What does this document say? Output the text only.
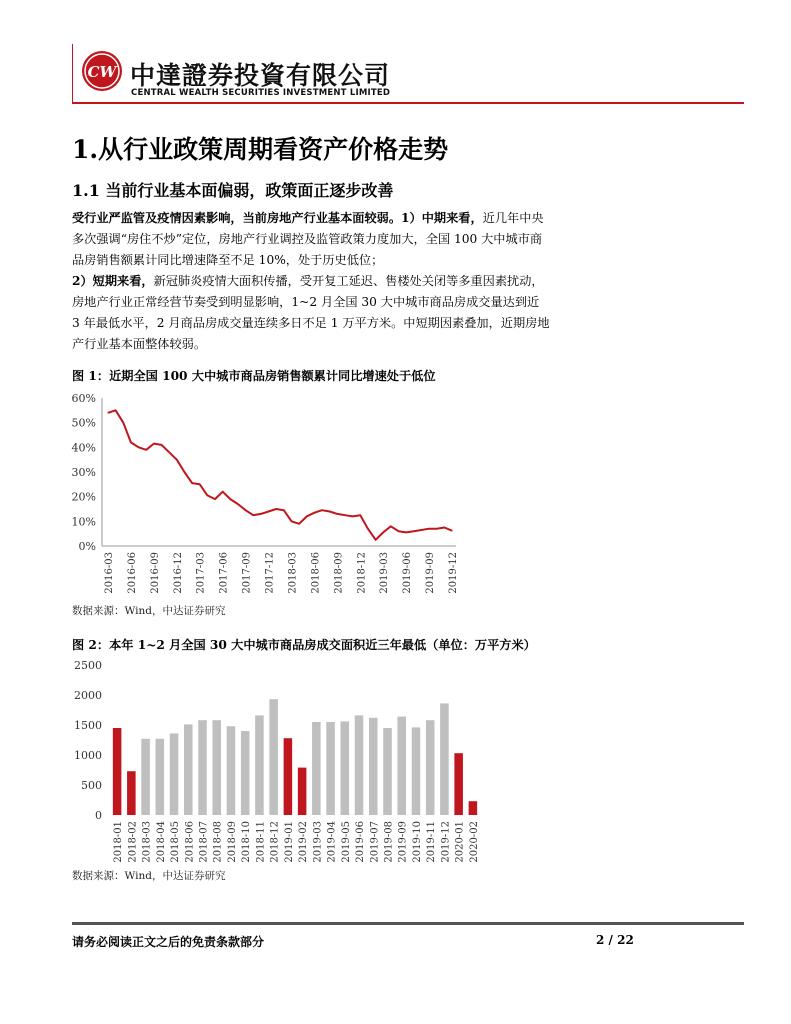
CW 中達證券投資有限公司
CENTRAL WEALTH SECURITIES INVESTMENT LIMITED
1.从行业政策周期看资产价格走势
1.1 当前行业基本面偏弱，政策面正逐步改善
受行业严监管及疫情因素影响，当前房地产行业基本面较弱。1）中期来看，近几年中央多次强调“房住不炒”定位，房地产行业调控及监管政策力度加大，全国 100 大中城市商品房销售额累计同比增速降至不足 10%，处于历史低位；
2）短期来看，新冠肺炎疫情大面积传播，受开复工延迟、售楼处关闭等多重因素扰动，房地产行业正常经营节奏受到明显影响，1~2 月全国 30 大中城市商品房成交量达到近 3 年最低水平，2 月商品房成交量连续多日不足 1 万平方米。中短期因素叠加，近期房地产行业基本面整体较弱。
图 1：近期全国 100 大中城市商品房销售额累计同比增速处于低位
0%
10%
20%
30%
40%
50%
60%
2016-03 2016-06 2016-09 2016-12 2017-03 2017-06 2017-09 2017-12 2018-03 2018-06 2018-09 2018-12 2019-03 2019-06 2019-09 2019-12
数据来源：Wind，中达证券研究
图 2：本年 1~2 月全国 30 大中城市商品房成交面积近三年最低（单位：万平方米）
0
500
1000
1500
2000
2500
2018-01 2018-02 2018-03 2018-04 2018-05 2018-06 2018-07 2018-08 2018-09 2018-10 2018-11 2018-12 2019-01 2019-02 2019-03 2019-04 2019-05 2019-06 2019-07 2019-08 2019-09 2019-10 2019-11 2019-12 2020-01 2020-02
数据来源：Wind，中达证券研究
请务必阅读正文之后的免责条款部分	2 / 22
